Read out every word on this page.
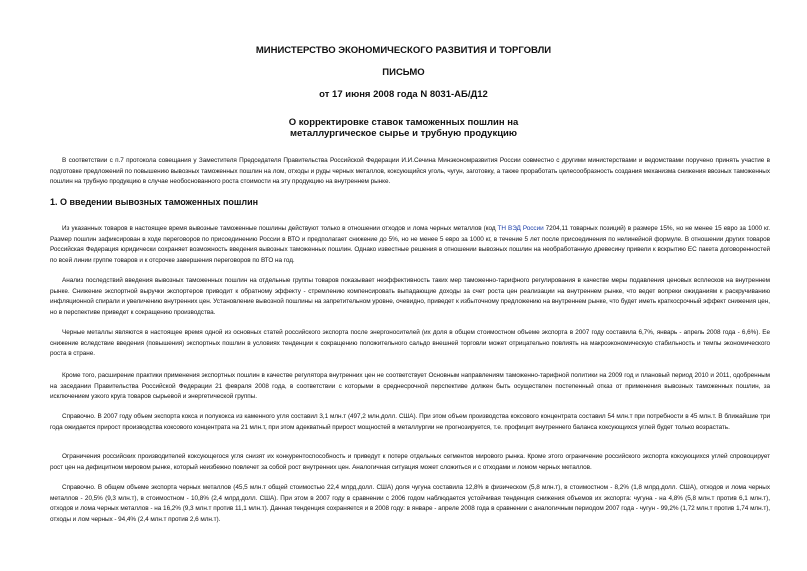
МИНИСТЕРСТВО ЭКОНОМИЧЕСКОГО РАЗВИТИЯ И ТОРГОВЛИ

ПИСЬМО

от 17 июня 2008 года N 8031-АБ/Д12

О корректировке ставок таможенных пошлин на

металлургическое сырье и трубную продукцию

В соответствии с п.7 протокола совещания у Заместителя Председателя Правительства Российской Федерации И.И.Сечина Минэкономразвития России совместно с другими министерствами и ведомствами поручено принять участие в подготовке предложений по повышению вывозных таможенных пошлин на лом, отходы и руды черных металлов, коксующийся уголь, чугун, заготовку, а также проработать целесообразность создания механизма снижения ввозных таможенных пошлин на трубную продукцию в случае необоснованного роста стоимости на эту продукцию на внутреннем рынке.

1. О введении вывозных таможенных пошлин

Из указанных товаров в настоящее время вывозные таможенные пошлины действуют только в отношении отходов и лома черных металлов (код ТН ВЭД России 7204,11 товарных позиций) в размере 15%, но не менее 15 евро за 1000 кг. Размер пошлин зафиксирован в ходе переговоров по присоединению России в ВТО и предполагает снижение до 5%, но не менее 5 евро за 1000 кг, в течение 5 лет после присоединения по нелинейной формуле. В отношении других товаров Российская Федерация юридически сохраняет возможность введения вывозных таможенных пошлин. Однако известные решения в отношении вывозных пошлин на необработанную древесину привели к вскрытию ЕС пакета договоренностей по всей линии группе товаров и к отсрочке завершения переговоров по ВТО на год.

Анализ последствий введения вывозных таможенных пошлин на отдельные группы товаров показывает неэффективность таких мер таможенно-тарифного регулирования в качестве меры подавления ценовых всплесков на внутреннем рынке. Снижение экспортной выручки экспортеров приводит к обратному эффекту - стремлению компенсировать выпадающие доходы за счет роста цен реализации на внутреннем рынке, что ведет вопреки ожиданиям к раскручиванию инфляционной спирали и увеличению внутренних цен. Установление вывозной пошлины на запретительном уровне, очевидно, приведет к избыточному предложению на внутреннем рынке, что будет иметь краткосрочный эффект снижения цен, но в перспективе приведет к сокращению производства.

Черные металлы являются в настоящее время одной из основных статей российского экспорта после энергоносителей (их доля в общем стоимостном объеме экспорта в 2007 году составила 6,7%, январь - апрель 2008 года - 6,6%). Ее снижение вследствие введения (повышения) экспортных пошлин в условиях тенденции к сокращению положительного сальдо внешней торговли может отрицательно повлиять на макроэкономическую стабильность и темпы экономического роста в стране.

Кроме того, расширение практики применения экспортных пошлин в качестве регулятора внутренних цен не соответствует Основным направлениям таможенно-тарифной политики на 2009 год и плановый период 2010 и 2011, одобренным на заседании Правительства Российской Федерации 21 февраля 2008 года, в соответствии с которыми в среднесрочной перспективе должен быть осуществлен постепенный отказ от применения вывозных таможенных пошлин, за исключением узкого круга товаров сырьевой и энергетической группы.

Справочно. В 2007 году объем экспорта кокса и полукокса из каменного угля составил 3,1 млн.т (497,2 млн.долл. США). При этом объем производства коксового концентрата составил 54 млн.т при потребности в 45 млн.т. В ближайшие три года ожидается прирост производства коксового концентрата на 21 млн.т, при этом адекватный прирост мощностей в металлургии не прогнозируется, т.е. профицит внутреннего баланса коксующихся углей будет только возрастать.

Ограничения российских производителей коксующегося угля снизят их конкурентоспособность и приведут к потере отдельных сегментов мирового рынка. Кроме этого ограничение российского экспорта коксующихся углей спровоцирует рост цен на дефицитном мировом рынке, который неизбежно повлечет за собой рост внутренних цен. Аналогичная ситуация может сложиться и с отходами и ломом черных металлов.

Справочно. В общем объеме экспорта черных металлов (45,5 млн.т общей стоимостью 22,4 млрд.долл. США) доля чугуна составила 12,8% в физическом (5,8 млн.т), в стоимостном - 8,2% (1,8 млрд.долл. США), отходов и лома черных металлов - 20,5% (9,3 млн.т), в стоимостном - 10,8% (2,4 млрд.долл. США). При этом в 2007 году в сравнении с 2006 годом наблюдается устойчивая тенденция снижения объемов их экспорта: чугуна - на 4,8% (5,8 млн.т против 6,1 млн.т), отходов и лома черных металлов - на 16,2% (9,3 млн.т против 11,1 млн.т). Данная тенденция сохраняется и в 2008 году: в январе - апреле 2008 года в сравнении с аналогичным периодом 2007 года - чугун - 99,2% (1,72 млн.т против 1,74 млн.т), отходы и лом черных - 94,4% (2,4 млн.т против 2,6 млн.т).
